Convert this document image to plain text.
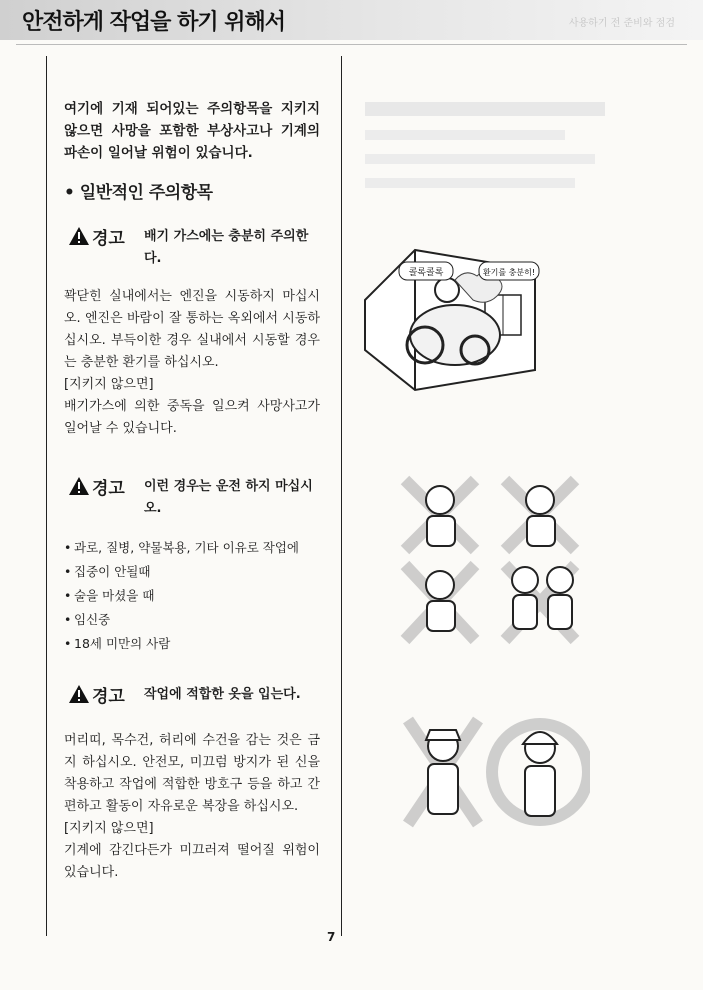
안전하게 작업을 하기 위해서	사용하기 전 준비와 점검

여기에 기재 되어있는 주의항목을 지키지 않으면 사망을 포함한 부상사고나 기계의 파손이 일어날 위험이 있습니다.

• 일반적인 주의항목
경고 배기 가스에는 충분히 주의한다.

꽉닫힌 실내에서는 엔진을 시동하지 마십시오. 엔진은 바람이 잘 통하는 옥외에서 시동하십시오. 부득이한 경우 실내에서 시동할 경우는 충분한 환기를 하십시오.

[지키지 않으면]

배기가스에 의한 중독을 일으켜 사망사고가 일어날 수 있습니다.

경고 이런 경우는 운전 하지 마십시오.
• 과로, 질병, 약물복용, 기타 이유로 작업에
• 집중이 안될때
• 술을 마셨을 때
• 임신중
• 18세 미만의 사람
경고 작업에 적합한 옷을 입는다.

머리띠, 목수건, 허리에 수건을 감는 것은 금지 하십시오. 안전모, 미끄럼 방지가 된 신을 착용하고 작업에 적합한 방호구 등을 하고 간편하고 활동이 자유로운 복장을 하십시오.

[지키지 않으면]

기계에 감긴다든가 미끄러져 떨어질 위험이 있습니다.

7
콜록콜록	환기를 충분히!
